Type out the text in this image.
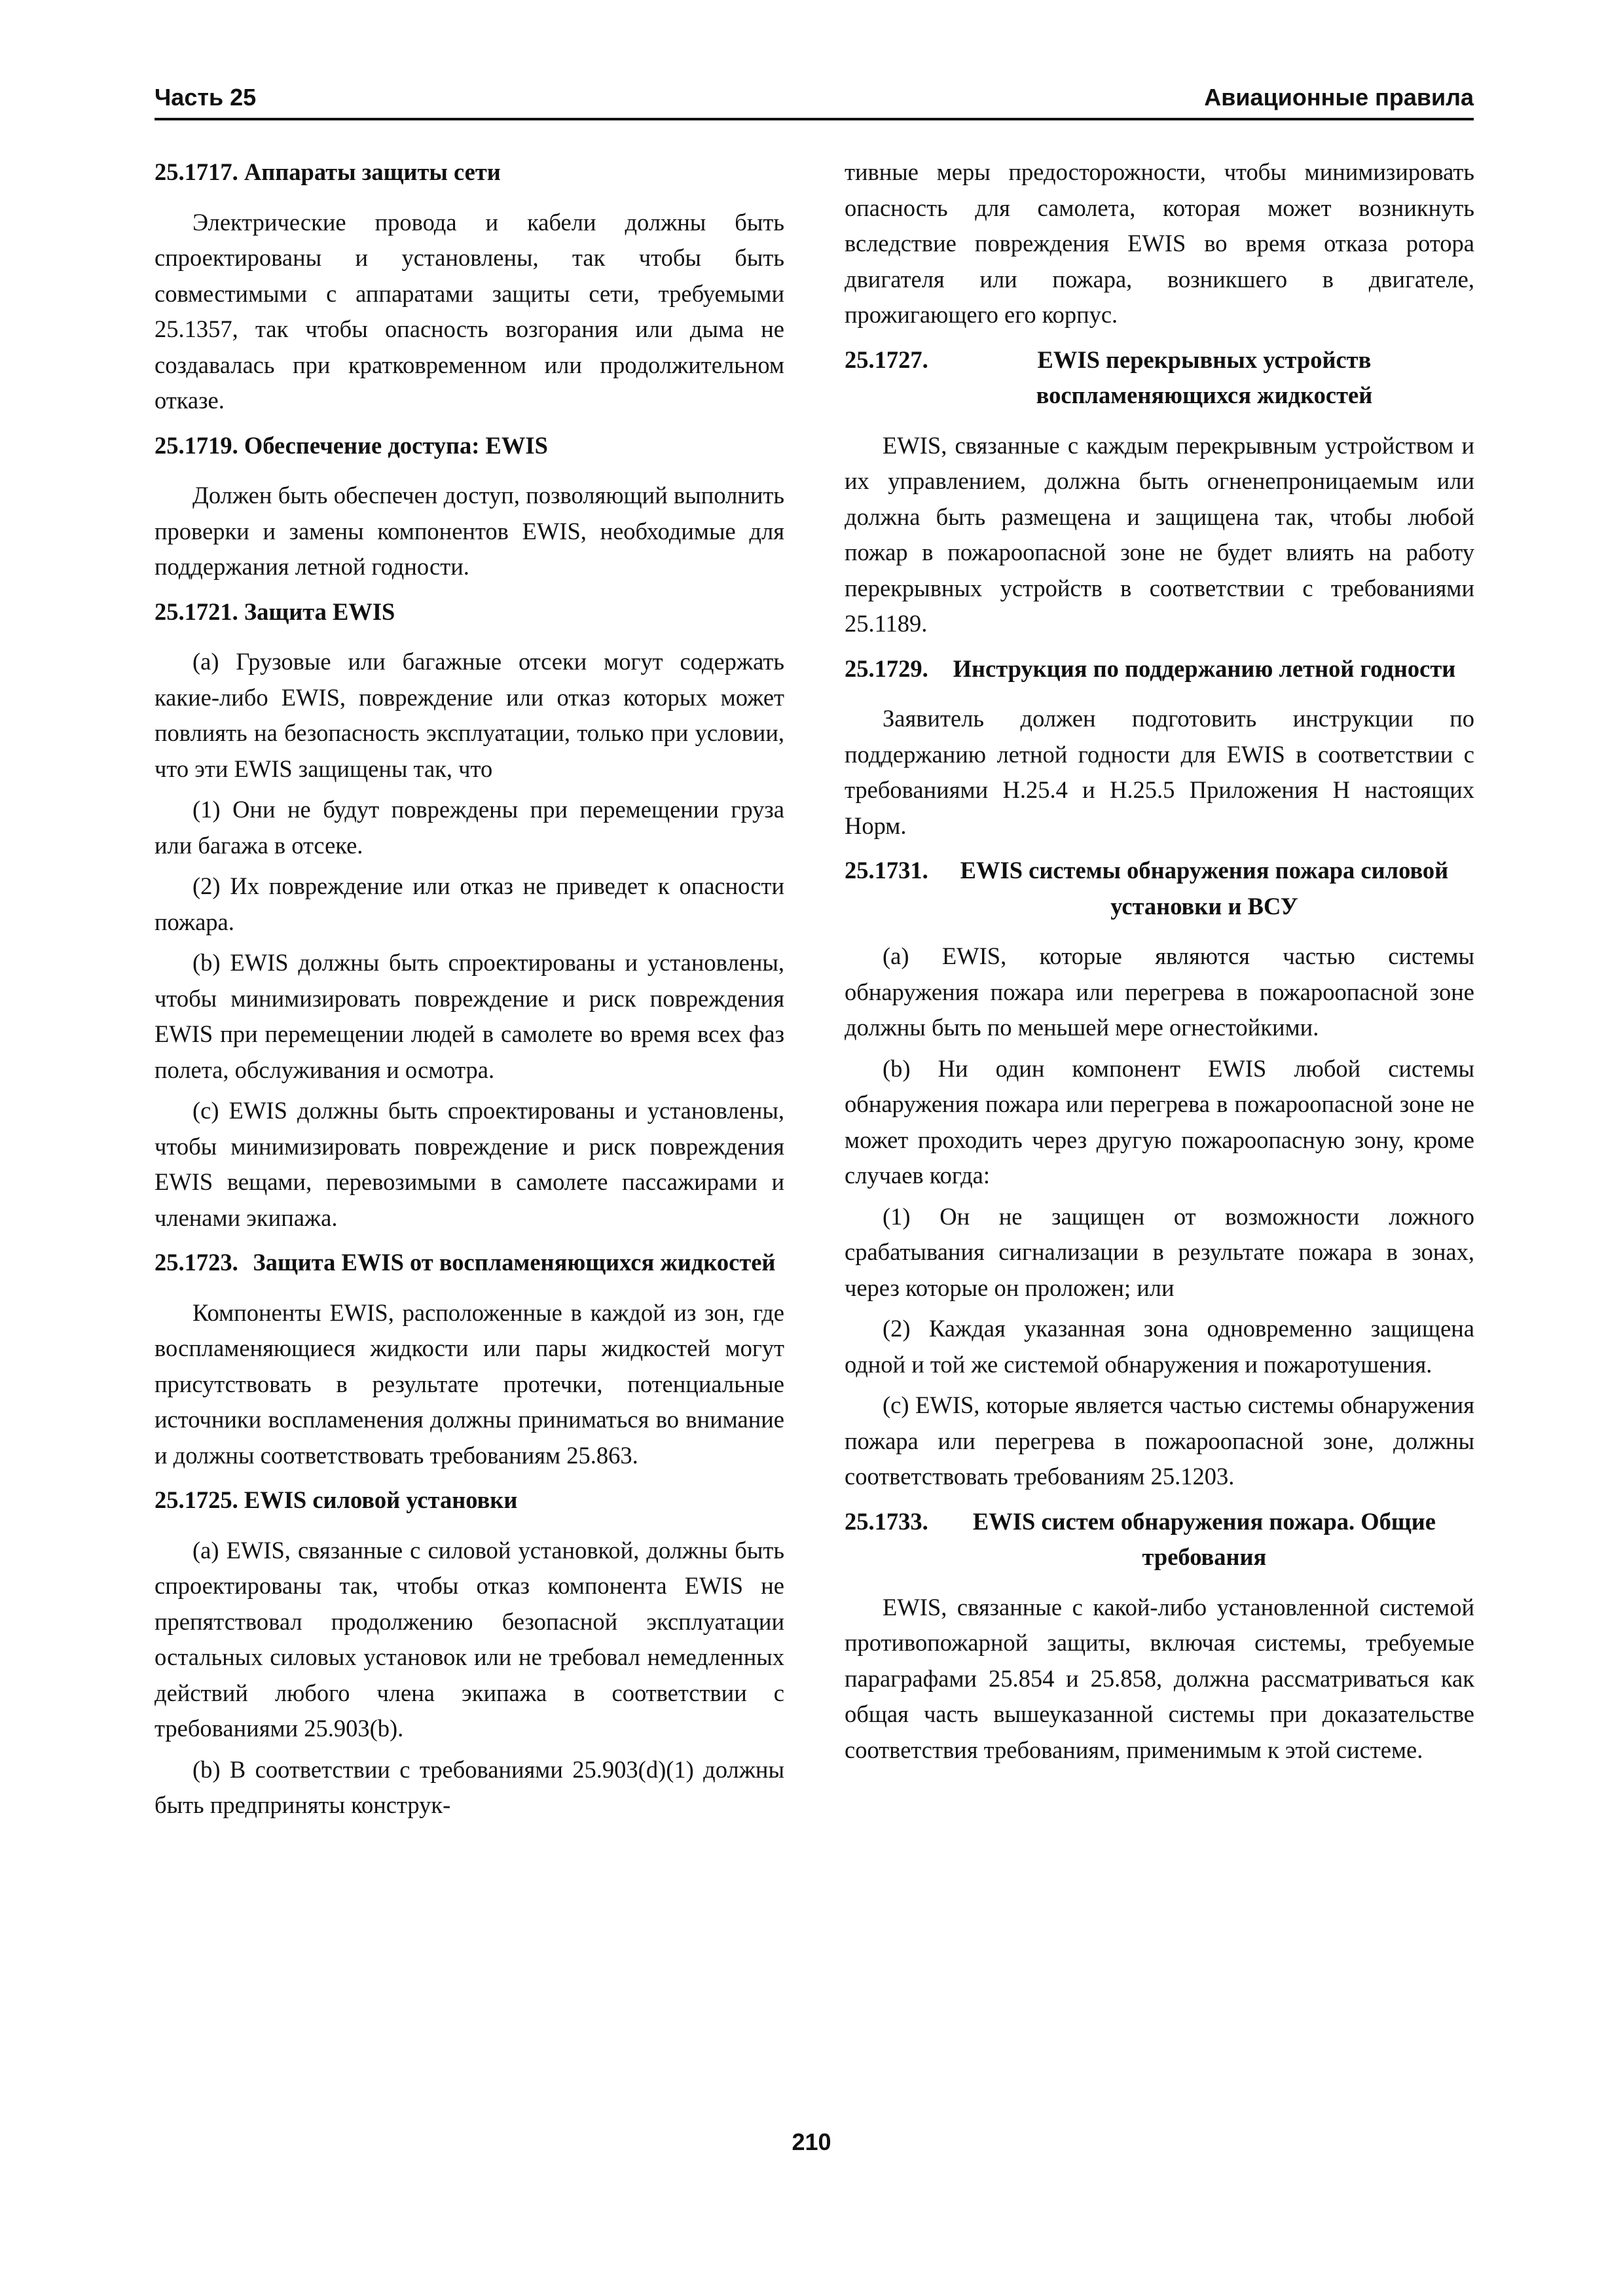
Часть 25	Авиационные правила
25.1717. Аппараты защиты сети

Электрические провода и кабели должны быть спроектированы и установлены, так чтобы быть совместимыми с аппаратами защиты сети, требуемыми 25.1357, так чтобы опасность возгорания или дыма не создавалась при кратковременном или продолжительном отказе.

25.1719. Обеспечение доступа: EWIS

Должен быть обеспечен доступ, позволяющий выполнить проверки и замены компонентов EWIS, необходимые для поддержания летной годности.

25.1721. Защита EWIS

(a) Грузовые или багажные отсеки могут содержать какие-либо EWIS, повреждение или отказ которых может повлиять на безопасность эксплуатации, только при условии, что эти EWIS защищены так, что

(1) Они не будут повреждены при перемещении груза или багажа в отсеке.

(2) Их повреждение или отказ не приведет к опасности пожара.

(b) EWIS должны быть спроектированы и установлены, чтобы минимизировать повреждение и риск повреждения EWIS при перемещении людей в самолете во время всех фаз полета, обслуживания и осмотра.

(c) EWIS должны быть спроектированы и установлены, чтобы минимизировать повреждение и риск повреждения EWIS вещами, перевозимыми в самолете пассажирами и членами экипажа.

25.1723. Защита EWIS от воспламеняющихся жидкостей

Компоненты EWIS, расположенные в каждой из зон, где воспламеняющиеся жидкости или пары жидкостей могут присутствовать в результате протечки, потенциальные источники воспламенения должны приниматься во внимание и должны соответствовать требованиям 25.863.

25.1725. EWIS силовой установки

(a) EWIS, связанные с силовой установкой, должны быть спроектированы так, чтобы отказ компонента EWIS не препятствовал продолжению безопасной эксплуатации остальных силовых установок или не требовал немедленных действий любого члена экипажа в соответствии с требованиями 25.903(b).

(b) В соответствии с требованиями 25.903(d)(1) должны быть предприняты конструк-

тивные меры предосторожности, чтобы минимизировать опасность для самолета, которая может возникнуть вследствие повреждения EWIS во время отказа ротора двигателя или пожара, возникшего в двигателе, прожигающего его корпус.

25.1727.	EWIS перекрывных устройств воспламеняющихся жидкостей

EWIS, связанные с каждым перекрывным устройством и их управлением, должна быть огненепроницаемым или должна быть размещена и защищена так, чтобы любой пожар в пожароопасной зоне не будет влиять на работу перекрывных устройств в соответствии с требованиями 25.1189.

25.1729. Инструкция по поддержанию летной годности

Заявитель должен подготовить инструкции по поддержанию летной годности для EWIS в соответствии с требованиями H.25.4 и H.25.5 Приложения H настоящих Норм.

25.1731.	EWIS системы обнаружения пожара силовой установки и ВСУ

(a) EWIS, которые являются частью системы обнаружения пожара или перегрева в пожароопасной зоне должны быть по меньшей мере огнестойкими.

(b) Ни один компонент EWIS любой системы обнаружения пожара или перегрева в пожароопасной зоне не может проходить через другую пожароопасную зону, кроме случаев когда:

(1) Он не защищен от возможности ложного срабатывания сигнализации в результате пожара в зонах, через которые он проложен; или

(2) Каждая указанная зона одновременно защищена одной и той же системой обнаружения и пожаротушения.

(c) EWIS, которые является частью системы обнаружения пожара или перегрева в пожароопасной зоне, должны соответствовать требованиям 25.1203.

25.1733.	EWIS систем обнаружения пожара. Общие требования

EWIS, связанные с какой-либо установленной системой противопожарной защиты, включая системы, требуемые параграфами 25.854 и 25.858, должна рассматриваться как общая часть вышеуказанной системы при доказательстве соответствия требованиям, применимым к этой системе.

210
